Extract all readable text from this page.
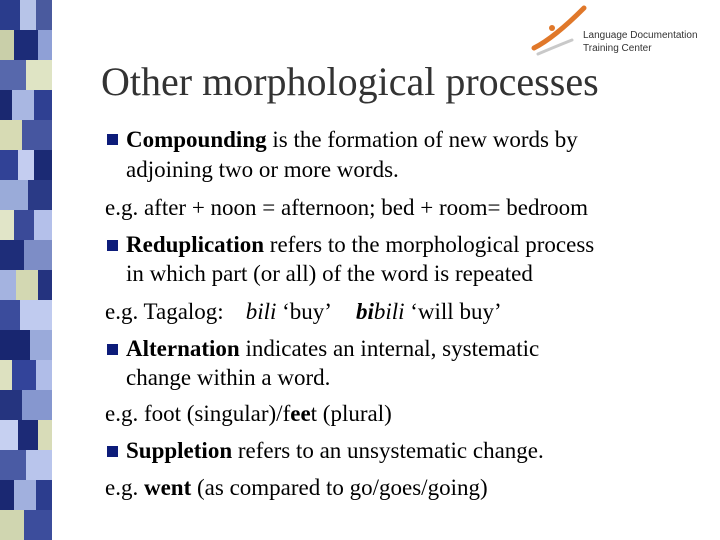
Language Documentation
Training Center
Other morphological processes
Compounding is the formation of new words by
adjoining two or more words.
e.g. after + noon = afternoon; bed + room= bedroom
Reduplication refers to the morphological process
in which part (or all) of the word is repeated
e.g. Tagalog: bili ‘buy’ bibili ‘will buy’
Alternation indicates an internal, systematic
change within a word.
e.g. foot (singular)/feet (plural)
Suppletion refers to an unsystematic change.
e.g. went (as compared to go/goes/going)
